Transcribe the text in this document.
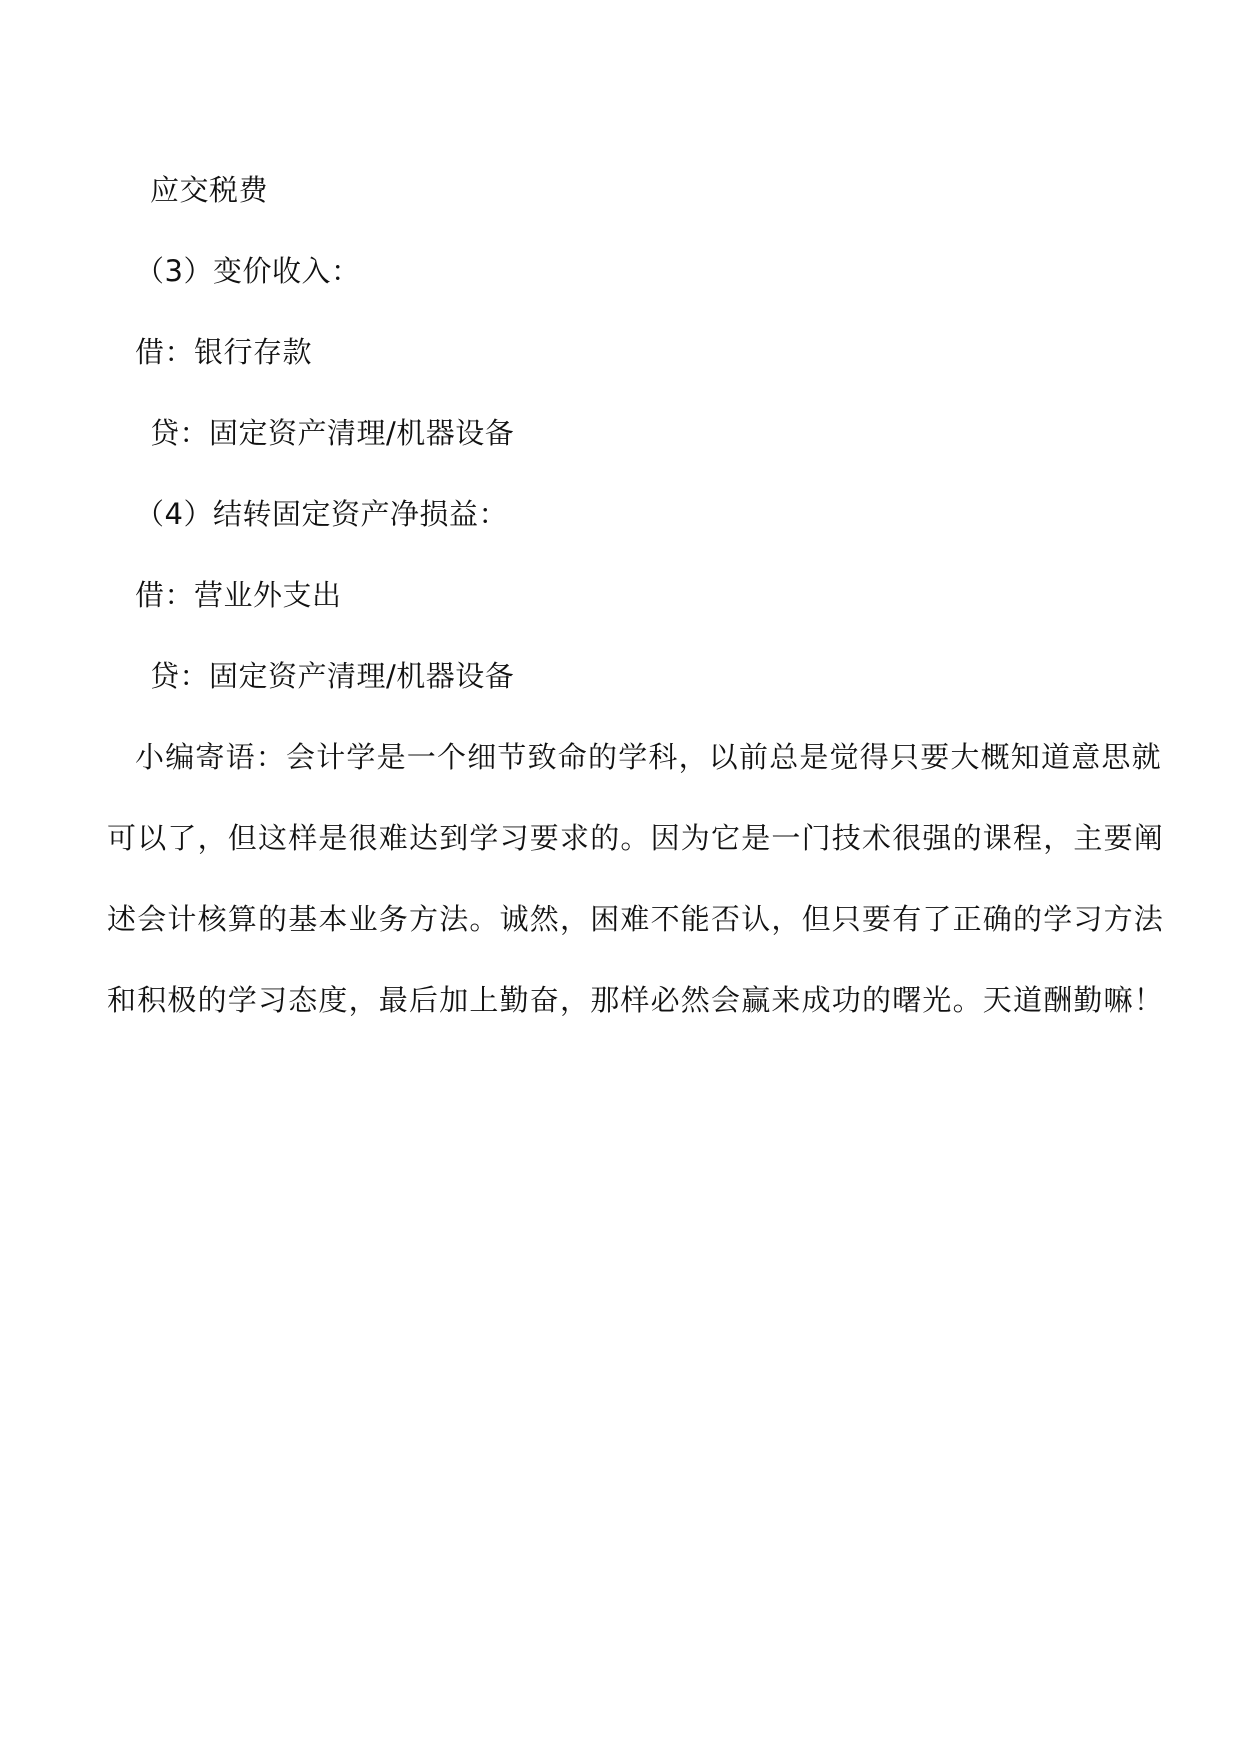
应交税费
（3）变价收入：
借：银行存款
贷：固定资产清理/机器设备
（4）结转固定资产净损益：
借：营业外支出
贷：固定资产清理/机器设备
小编寄语：会计学是一个细节致命的学科，以前总是觉得只要大概知道意思就
可以了，但这样是很难达到学习要求的。因为它是一门技术很强的课程，主要阐
述会计核算的基本业务方法。诚然，困难不能否认，但只要有了正确的学习方法
和积极的学习态度，最后加上勤奋，那样必然会赢来成功的曙光。天道酬勤嘛！
